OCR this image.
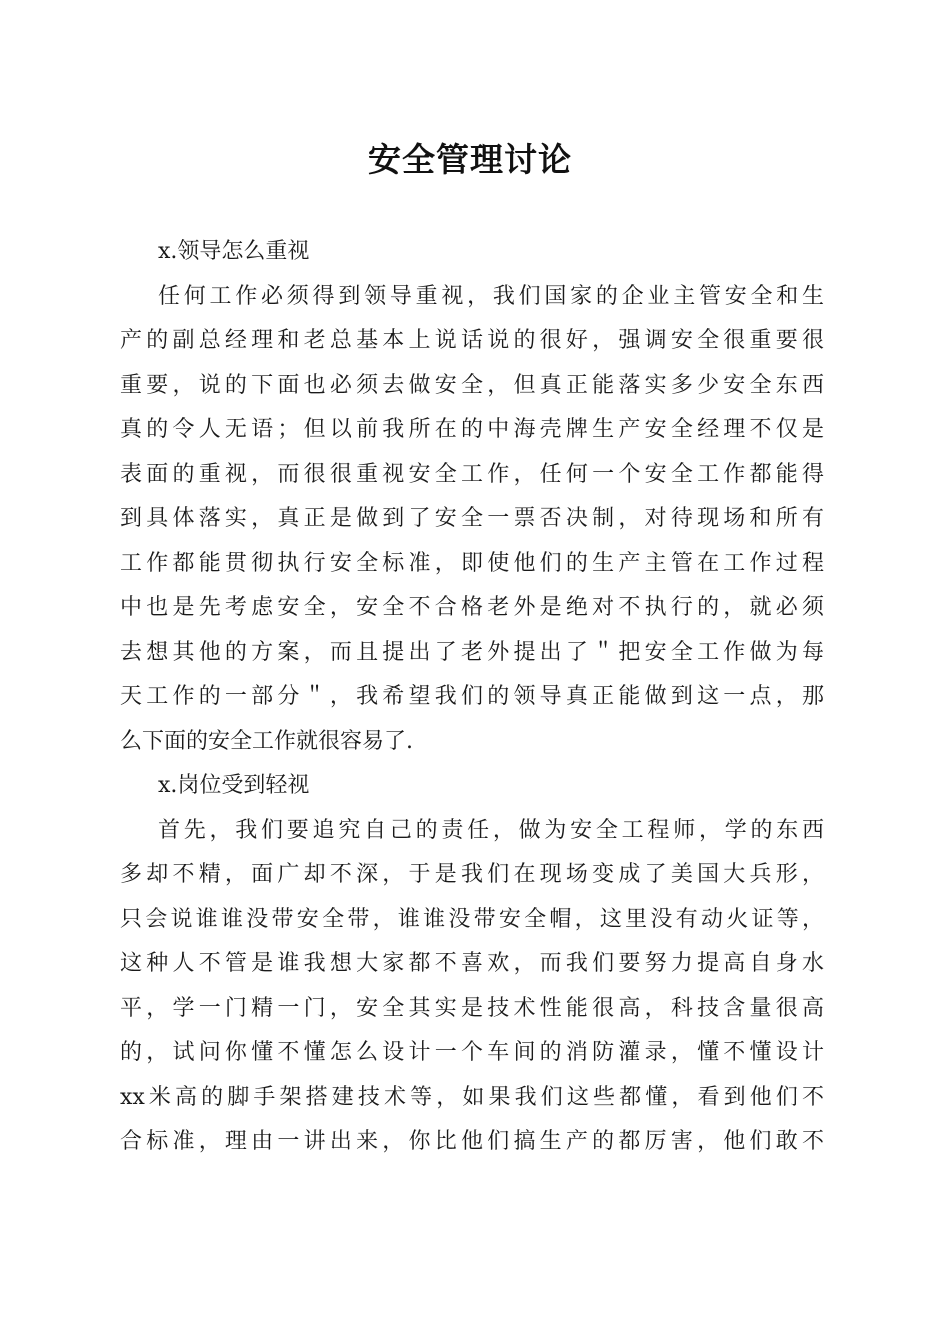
安全管理讨论
x.领导怎么重视
任何工作必须得到领导重视，我们国家的企业主管安全和生
产的副总经理和老总基本上说话说的很好，强调安全很重要很
重要，说的下面也必须去做安全，但真正能落实多少安全东西
真的令人无语；但以前我所在的中海壳牌生产安全经理不仅是
表面的重视，而很很重视安全工作，任何一个安全工作都能得
到具体落实，真正是做到了安全一票否决制，对待现场和所有
工作都能贯彻执行安全标准，即使他们的生产主管在工作过程
中也是先考虑安全，安全不合格老外是绝对不执行的，就必须
去想其他的方案，而且提出了老外提出了＂把安全工作做为每
天工作的一部分＂，我希望我们的领导真正能做到这一点，那
么下面的安全工作就很容易了.
x.岗位受到轻视
首先，我们要追究自己的责任，做为安全工程师，学的东西
多却不精，面广却不深，于是我们在现场变成了美国大兵形，
只会说谁谁没带安全带，谁谁没带安全帽，这里没有动火证等，
这种人不管是谁我想大家都不喜欢，而我们要努力提高自身水
平，学一门精一门，安全其实是技术性能很高，科技含量很高
的，试问你懂不懂怎么设计一个车间的消防灌录，懂不懂设计
xx米高的脚手架搭建技术等，如果我们这些都懂，看到他们不
合标准，理由一讲出来，你比他们搞生产的都厉害，他们敢不
